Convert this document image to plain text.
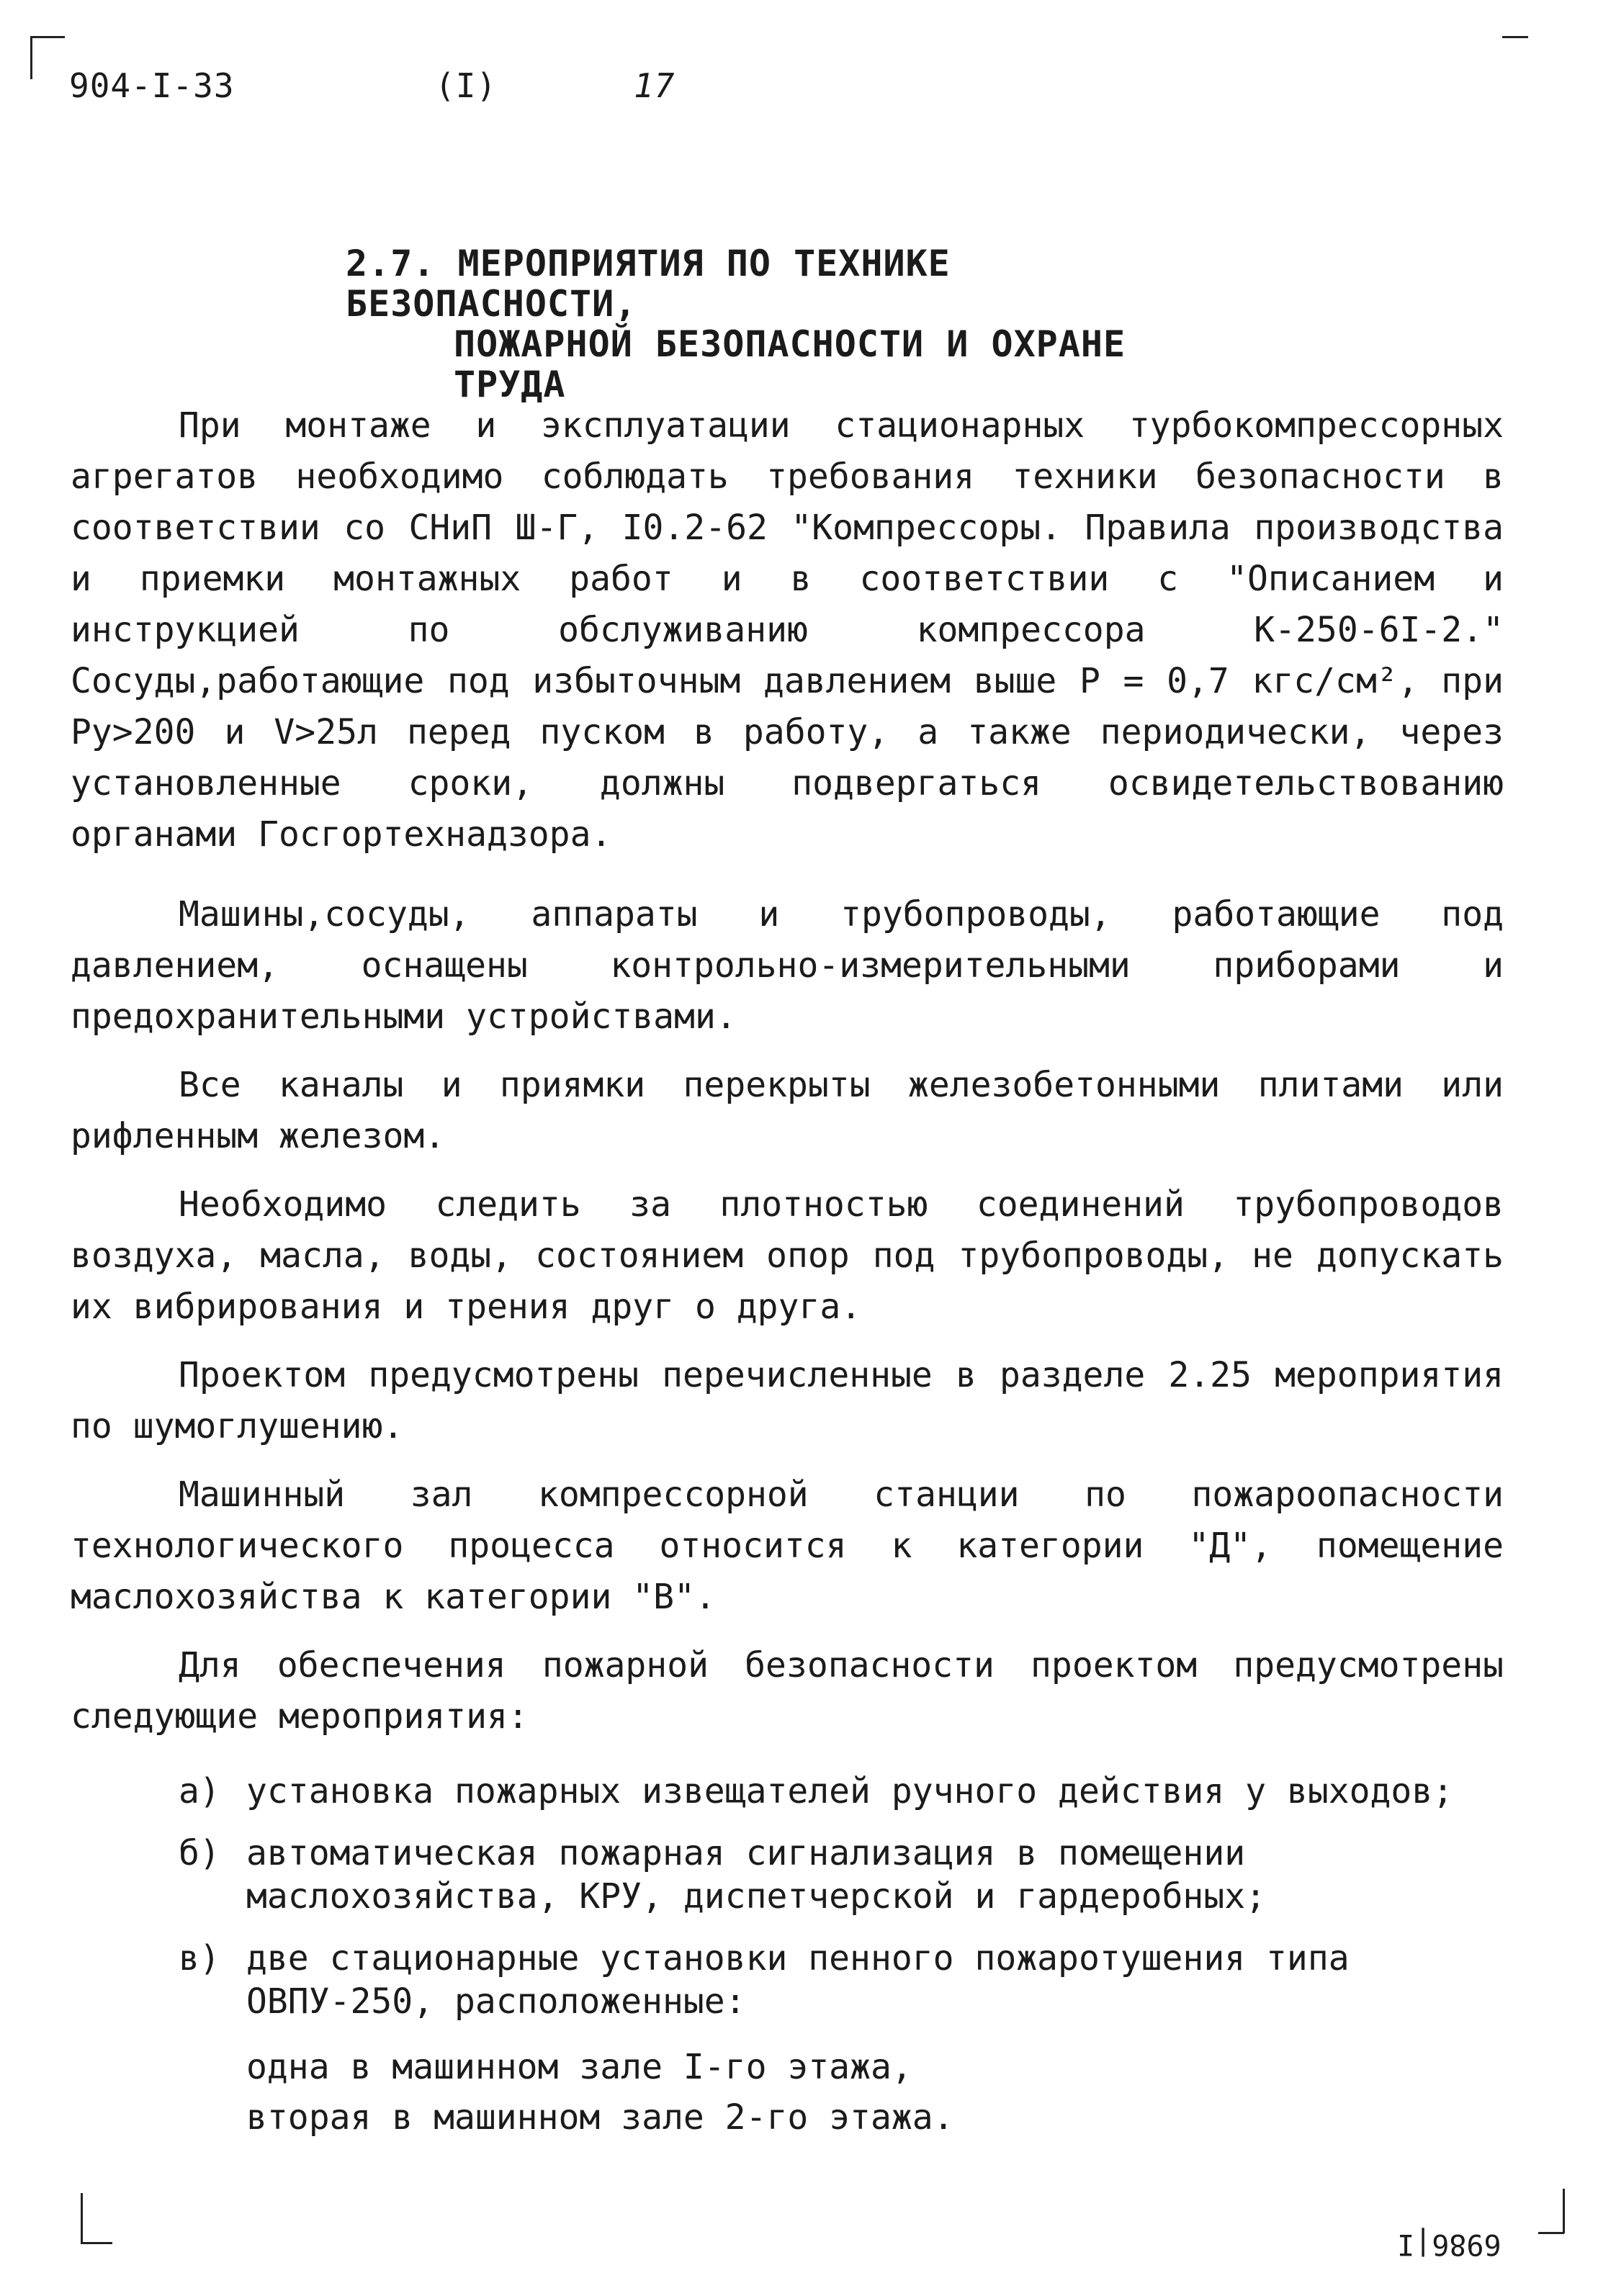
904-I-33	(I)	17
2.7. МЕРОПРИЯТИЯ ПО ТЕХНИКЕ БЕЗОПАСНОСТИ,
ПОЖАРНОЙ БЕЗОПАСНОСТИ И ОХРАНЕ ТРУДА

При монтаже и эксплуатации стационарных турбокомпрессорных агрегатов необходимо соблюдать требования техники безопасности в соответствии со СНиП Ш-Г, I0.2-62 "Компрессоры. Правила производства и приемки монтажных работ и в соответствии с "Описанием и инструкцией по обслуживанию компрессора К-250-6I-2." Сосуды,работающие под избыточным давлением выше Р = 0,7 кгс/см², при Ру>200 и V>25л перед пуском в работу, а также периодически, через установленные сроки, должны подвергаться освидетельствованию органами Госгортехнадзора.

Машины,сосуды, аппараты и трубопроводы, работающие под давлением, оснащены контрольно-измерительными приборами и предохранительными устройствами.

Все каналы и приямки перекрыты железобетонными плитами или рифленным железом.

Необходимо следить за плотностью соединений трубопроводов воздуха, масла, воды, состоянием опор под трубопроводы, не допускать их вибрирования и трения друг о друга.

Проектом предусмотрены перечисленные в разделе 2.25 мероприятия по шумоглушению.

Машинный зал компрессорной станции по пожароопасности технологического процесса относится к категории "Д", помещение маслохозяйства к категории "В".

Для обеспечения пожарной безопасности проектом предусмотрены следующие мероприятия:

а) установка пожарных извещателей ручного действия у выходов;
б) автоматическая пожарная сигнализация в помещении маслохозяйства, КРУ, диспетчерской и гардеробных;
в) две стационарные установки пенного пожаротушения типа ОВПУ-250, расположенные:
одна в машинном зале I-го этажа,
вторая в машинном зале 2-го этажа.
6986|I
